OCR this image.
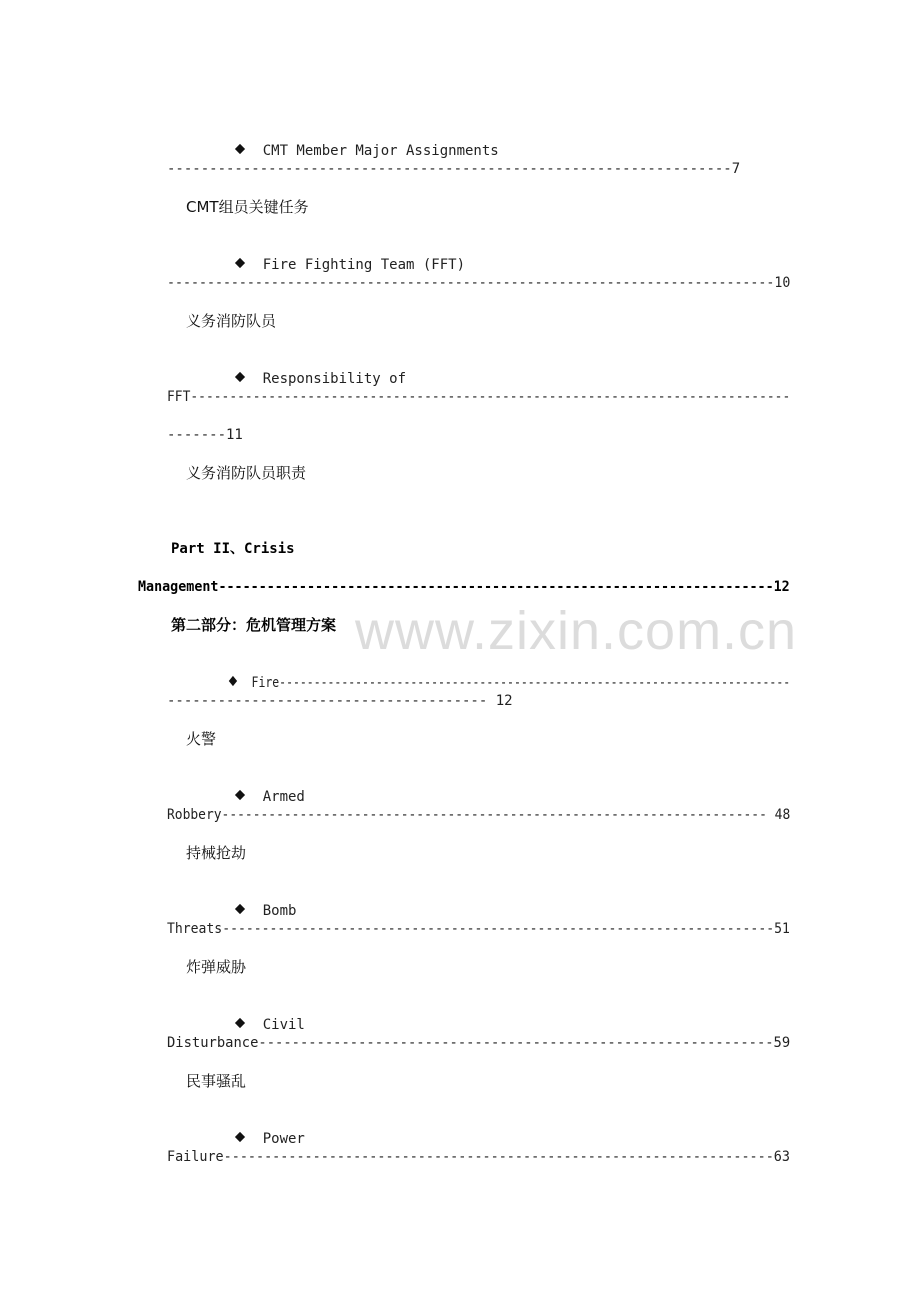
www.zixin.com.cn

CMT Member Major Assignments

-------------------------------------------------------------------7
CMT组员关键任务

Fire Fighting Team (FFT)

----------------------------------------------------------------------------10
义务消防队员

Responsibility of

FFT-----------------------------------------------------------------------------
-------11
义务消防队员职责
Part II、Crisis
Management---------------------------------------------------------------------12
第二部分：危机管理方案

Fire--------------------------------------------------------------------------

-------------------------------------- 12
火警

Armed

Robbery---------------------------------------------------------------------- 48
持械抢劫

Bomb

Threats----------------------------------------------------------------------51
炸弹威胁

Civil

Disturbance--------------------------------------------------------------59
民事骚乱

Power

Failure--------------------------------------------------------------------63
